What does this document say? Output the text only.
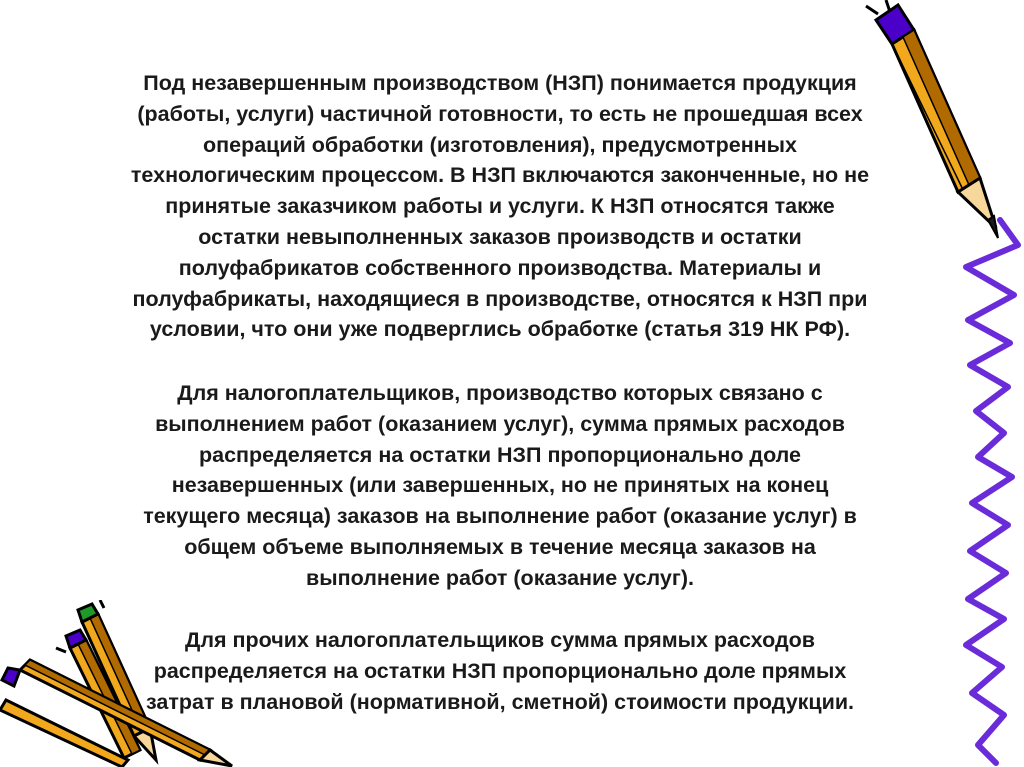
Под незавершенным производством (НЗП) понимается продукция
(работы, услуги) частичной готовности, то есть не прошедшая всех
операций обработки (изготовления), предусмотренных
технологическим процессом. В НЗП включаются законченные, но не
принятые заказчиком работы и услуги. К НЗП относятся также
остатки невыполненных заказов производств и остатки
полуфабрикатов собственного производства. Материалы и
полуфабрикаты, находящиеся в производстве, относятся к НЗП при
условии, что они уже подверглись обработке (статья 319 НК РФ).

Для налогоплательщиков, производство которых связано с
выполнением работ (оказанием услуг), сумма прямых расходов
распределяется на остатки НЗП пропорционально доле
незавершенных (или завершенных, но не принятых на конец
текущего месяца) заказов на выполнение работ (оказание услуг) в
общем объеме выполняемых в течение месяца заказов на
выполнение работ (оказание услуг).

Для прочих налогоплательщиков сумма прямых расходов
распределяется на остатки НЗП пропорционально доле прямых
затрат в плановой (нормативной, сметной) стоимости продукции.
